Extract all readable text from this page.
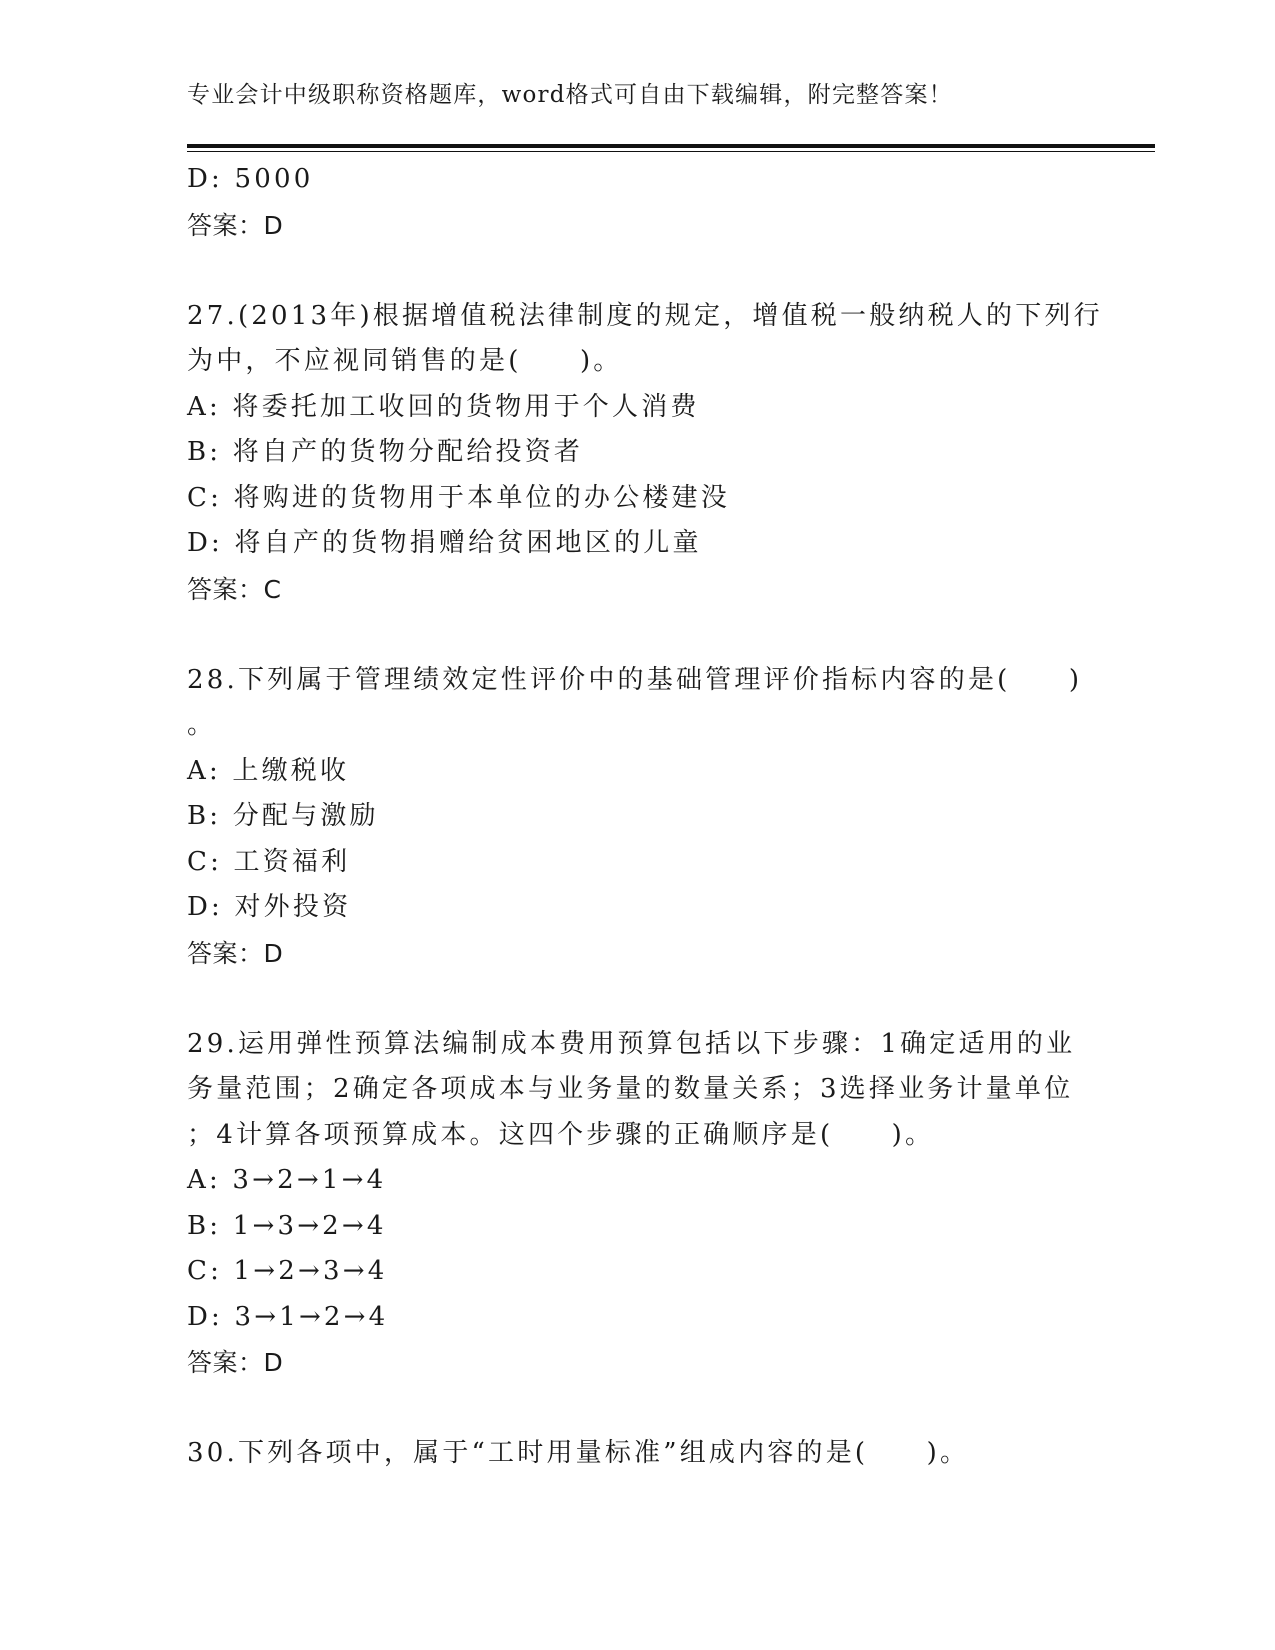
专业会计中级职称资格题库，word格式可自由下载编辑，附完整答案！
D: 5000
答案：D
27.(2013年)根据增值税法律制度的规定，增值税一般纳税人的下列行
为中，不应视同销售的是(　　)。
A: 将委托加工收回的货物用于个人消费
B: 将自产的货物分配给投资者
C: 将购进的货物用于本单位的办公楼建没
D: 将自产的货物捐赠给贫困地区的儿童
答案：C
28.下列属于管理绩效定性评价中的基础管理评价指标内容的是(　　)
。
A: 上缴税收
B: 分配与激励
C: 工资福利
D: 对外投资
答案：D
29.运用弹性预算法编制成本费用预算包括以下步骤：1确定适用的业
务量范围；2确定各项成本与业务量的数量关系；3选择业务计量单位
；4计算各项预算成本。这四个步骤的正确顺序是(　　)。
A: 3→2→1→4
B: 1→3→2→4
C: 1→2→3→4
D: 3→1→2→4
答案：D
30.下列各项中，属于“工时用量标准”组成内容的是(　　)。
